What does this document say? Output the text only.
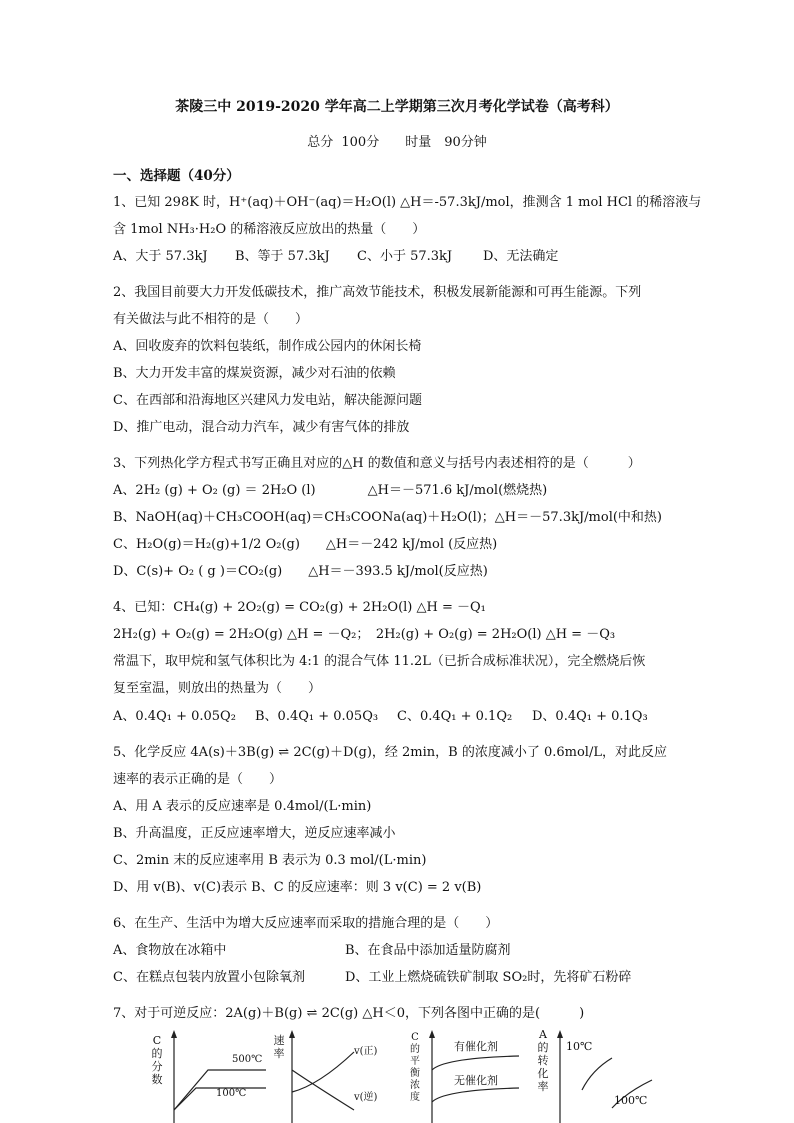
茶陵三中 2019-2020 学年高二上学期第三次月考化学试卷（高考科）
总分 100分　　时量　90分钟
一、选择题（40分）
1、已知 298K 时，H⁺(aq)＋OH⁻(aq)＝H₂O(l) △H＝-57.3kJ/mol，推测含 1 mol HCl 的稀溶液与
含 1mol NH₃·H₂O 的稀溶液反应放出的热量（　　）
A、大于 57.3kJ	B、等于 57.3kJ	C、小于 57.3kJ	D、无法确定
2、我国目前要大力开发低碳技术，推广高效节能技术，积极发展新能源和可再生能源。下列
有关做法与此不相符的是（　　）
A、回收废弃的饮料包装纸，制作成公园内的休闲长椅
B、大力开发丰富的煤炭资源，减少对石油的依赖
C、在西部和沿海地区兴建风力发电站，解决能源问题
D、推广电动，混合动力汽车，减少有害气体的排放
3、下列热化学方程式书写正确且对应的△H 的数值和意义与括号内表述相符的是（　　　）
A、2H₂ (g) + O₂ (g) ＝ 2H₂O (l)　　　　△H＝－571.6 kJ/mol(燃烧热)
B、NaOH(aq)＋CH₃COOH(aq)＝CH₃COONa(aq)＋H₂O(l)；△H＝－57.3kJ/mol(中和热)
C、H₂O(g)＝H₂(g)+1/2 O₂(g)　　△H＝－242 kJ/mol (反应热)
D、C(s)+ O₂ ( g )＝CO₂(g)　　△H＝－393.5 kJ/mol(反应热)
4、已知：CH₄(g) + 2O₂(g) = CO₂(g) + 2H₂O(l) △H = －Q₁
2H₂(g) + O₂(g) = 2H₂O(g) △H = －Q₂；　2H₂(g) + O₂(g) = 2H₂O(l) △H = －Q₃
常温下，取甲烷和氢气体积比为 4:1 的混合气体 11.2L（已折合成标准状况），完全燃烧后恢
复至室温，则放出的热量为（　　）
A、0.4Q₁ + 0.05Q₂	B、0.4Q₁ + 0.05Q₃	C、0.4Q₁ + 0.1Q₂	D、0.4Q₁ + 0.1Q₃
5、化学反应 4A(s)＋3B(g) ⇌ 2C(g)＋D(g)，经 2min，B 的浓度减小了 0.6mol/L，对此反应
速率的表示正确的是（　　）
A、用 A 表示的反应速率是 0.4mol/(L·min)
B、升高温度，正反应速率增大，逆反应速率减小
C、2min 末的反应速率用 B 表示为 0.3 mol/(L·min)
D、用 v(B)、v(C)表示 B、C 的反应速率：则 3 v(C) = 2 v(B)
6、在生产、生活中为增大反应速率而采取的措施合理的是（　　）
A、食物放在冰箱中	B、在食品中添加适量防腐剂
C、在糕点包装内放置小包除氧剂	D、工业上燃烧硫铁矿制取 SO₂时，先将矿石粉碎
7、对于可逆反应：2A(g)＋B(g) ⇌ 2C(g) △H＜0，下列各图中正确的是(　　　)
C
的
分
数
500℃
100℃
速
率	v(正)
v(逆)
C
的
平
衡
浓
度
有催化剂
无催化剂
A
的
转
化
率
10℃
100℃
